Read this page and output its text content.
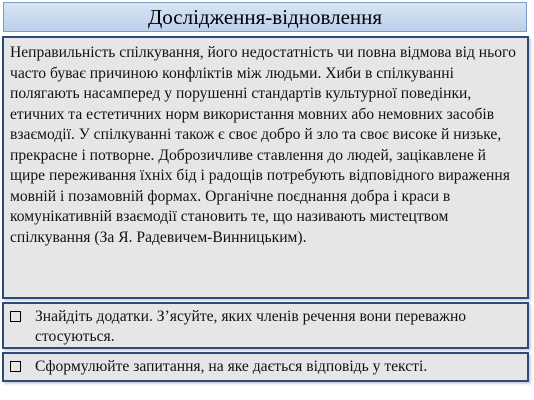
Дослідження-відновлення

Неправильність спілкування, його недостатність чи повна відмова від нього часто буває причиною конфліктів між людьми. Хиби в спілкуванні полягають насамперед у порушенні стандартів культурної поведінки, етичних та естетичних норм використання мовних або немовних засобів взаємодії. У спілкуванні також є своє добро й зло та своє високе й низьке, прекрасне і потворне. Доброзичливе ставлення до людей, зацікавлене й щире переживання їхніх бід і радощів потребують відповідного вираження мовній і позамовній формах. Органічне поєднання добра і краси в комунікативній взаємодії становить те, що називають мистецтвом спілкування (За Я. Радевичем-Винницьким).

Знайдіть додатки. З’ясуйте, яких членів речення вони переважно стосуються.

Сформулюйте запитання, на яке дається відповідь у тексті.
